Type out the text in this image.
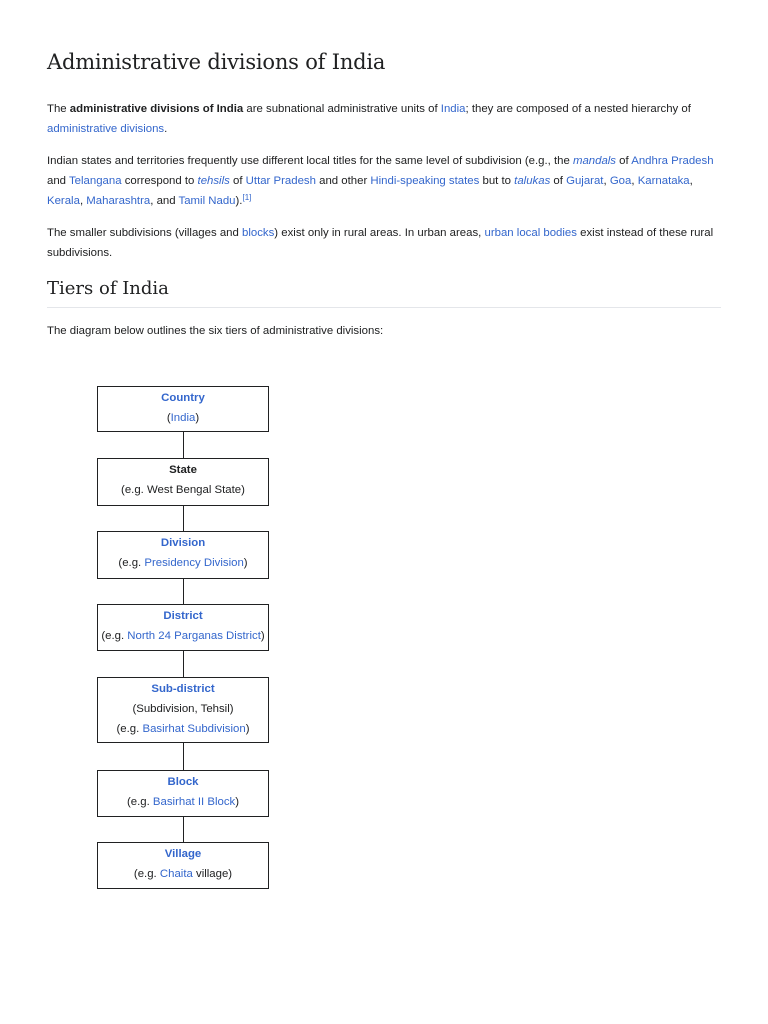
Administrative divisions of India

The administrative divisions of India are subnational administrative units of India; they are composed of a nested hierarchy of administrative divisions.

Indian states and territories frequently use different local titles for the same level of subdivision (e.g., the mandals of Andhra Pradesh and Telangana correspond to tehsils of Uttar Pradesh and other Hindi-speaking states but to talukas of Gujarat, Goa, Karnataka, Kerala, Maharashtra, and Tamil Nadu).[1]

The smaller subdivisions (villages and blocks) exist only in rural areas. In urban areas, urban local bodies exist instead of these rural subdivisions.

Tiers of India

The diagram below outlines the six tiers of administrative divisions:

Country
(India)
State
(e.g. West Bengal State)
Division
(e.g. Presidency Division)
District
(e.g. North 24 Parganas District)
Sub-district
(Subdivision, Tehsil)
(e.g. Basirhat Subdivision)
Block
(e.g. Basirhat II Block)
Village
(e.g. Chaita village)
